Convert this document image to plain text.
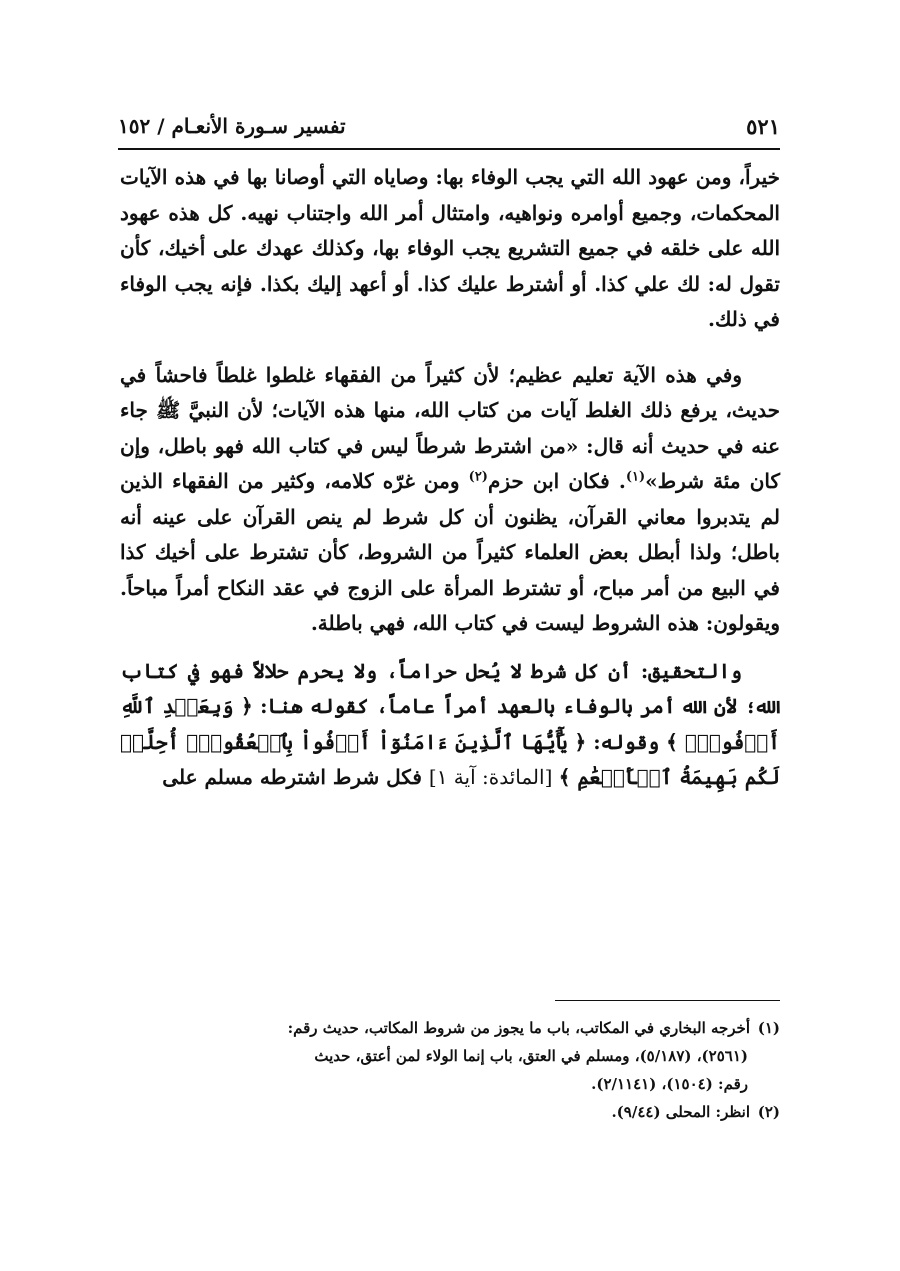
تفسير سـورة الأنعـام / ١٥٢	٥٢١

خيراً، ومن عهود الله التي يجب الوفاء بها: وصاياه التي أوصانا بها في هذه الآيات المحكمات، وجميع أوامره ونواهيه، وامتثال أمر الله واجتناب نهيه. كل هذه عهود الله على خلقه في جميع التشريع يجب الوفاء بها، وكذلك عهدك على أخيك، كأن تقول له: لك علي كذا. أو أشترط عليك كذا. أو أعهد إليك بكذا. فإنه يجب الوفاء في ذلك.

وفي هذه الآية تعليم عظيم؛ لأن كثيراً من الفقهاء غلطوا غلطاً فاحشاً في حديث، يرفع ذلك الغلط آيات من كتاب الله، منها هذه الآيات؛ لأن النبيَّ ﷺ جاء عنه في حديث أنه قال: «من اشترط شرطاً ليس في كتاب الله فهو باطل، وإن كان مئة شرط»$^{(١)}$. فكان ابن حزم$^{(٢)}$ ومن غرّه كلامه، وكثير من الفقهاء الذين لم يتدبروا معاني القرآن، يظنون أن كل شرط لم ينص القرآن على عينه أنه باطل؛ ولذا أبطل بعض العلماء كثيراً من الشروط، كأن تشترط على أخيك كذا في البيع من أمر مباح، أو تشترط المرأة على الزوج في عقد النكاح أمراً مباحاً. ويقولون: هذه الشروط ليست في كتاب الله، فهي باطلة.

والتحقيق: أن كل شرط لا يُحل حراماً، ولا يحرم حلالاً فهو في كتاب الله؛ لأن الله أمر بالوفاء بالعهد أمراً عاماً، كقوله هنا: ﴿ وَبِعَهۡدِ ٱللَّهِ أَوۡفُواْۚ ﴾ وقوله: ﴿ يَٰٓأَيُّهَا ٱلَّذِينَ ءَامَنُوٓاْ أَوۡفُواْ بِٱلۡعُقُودِۚ أُحِلَّتۡ لَكُم بَهِيمَةُ ٱلۡأَنۡعَٰمِ ﴾ [المائدة: آية ١] فكل شرط اشترطه مسلم على

(١)أخرجه البخاري في المكاتب، باب ما يجوز من شروط المكاتب، حديث رقم:

(٢٥٦١)، (٥/١٨٧)، ومسلم في العتق، باب إنما الولاء لمن أعتق، حديث

رقم: (١٥٠٤)، (٢/١١٤١).

(٢)انظر: المحلى (٩/٤٤).
